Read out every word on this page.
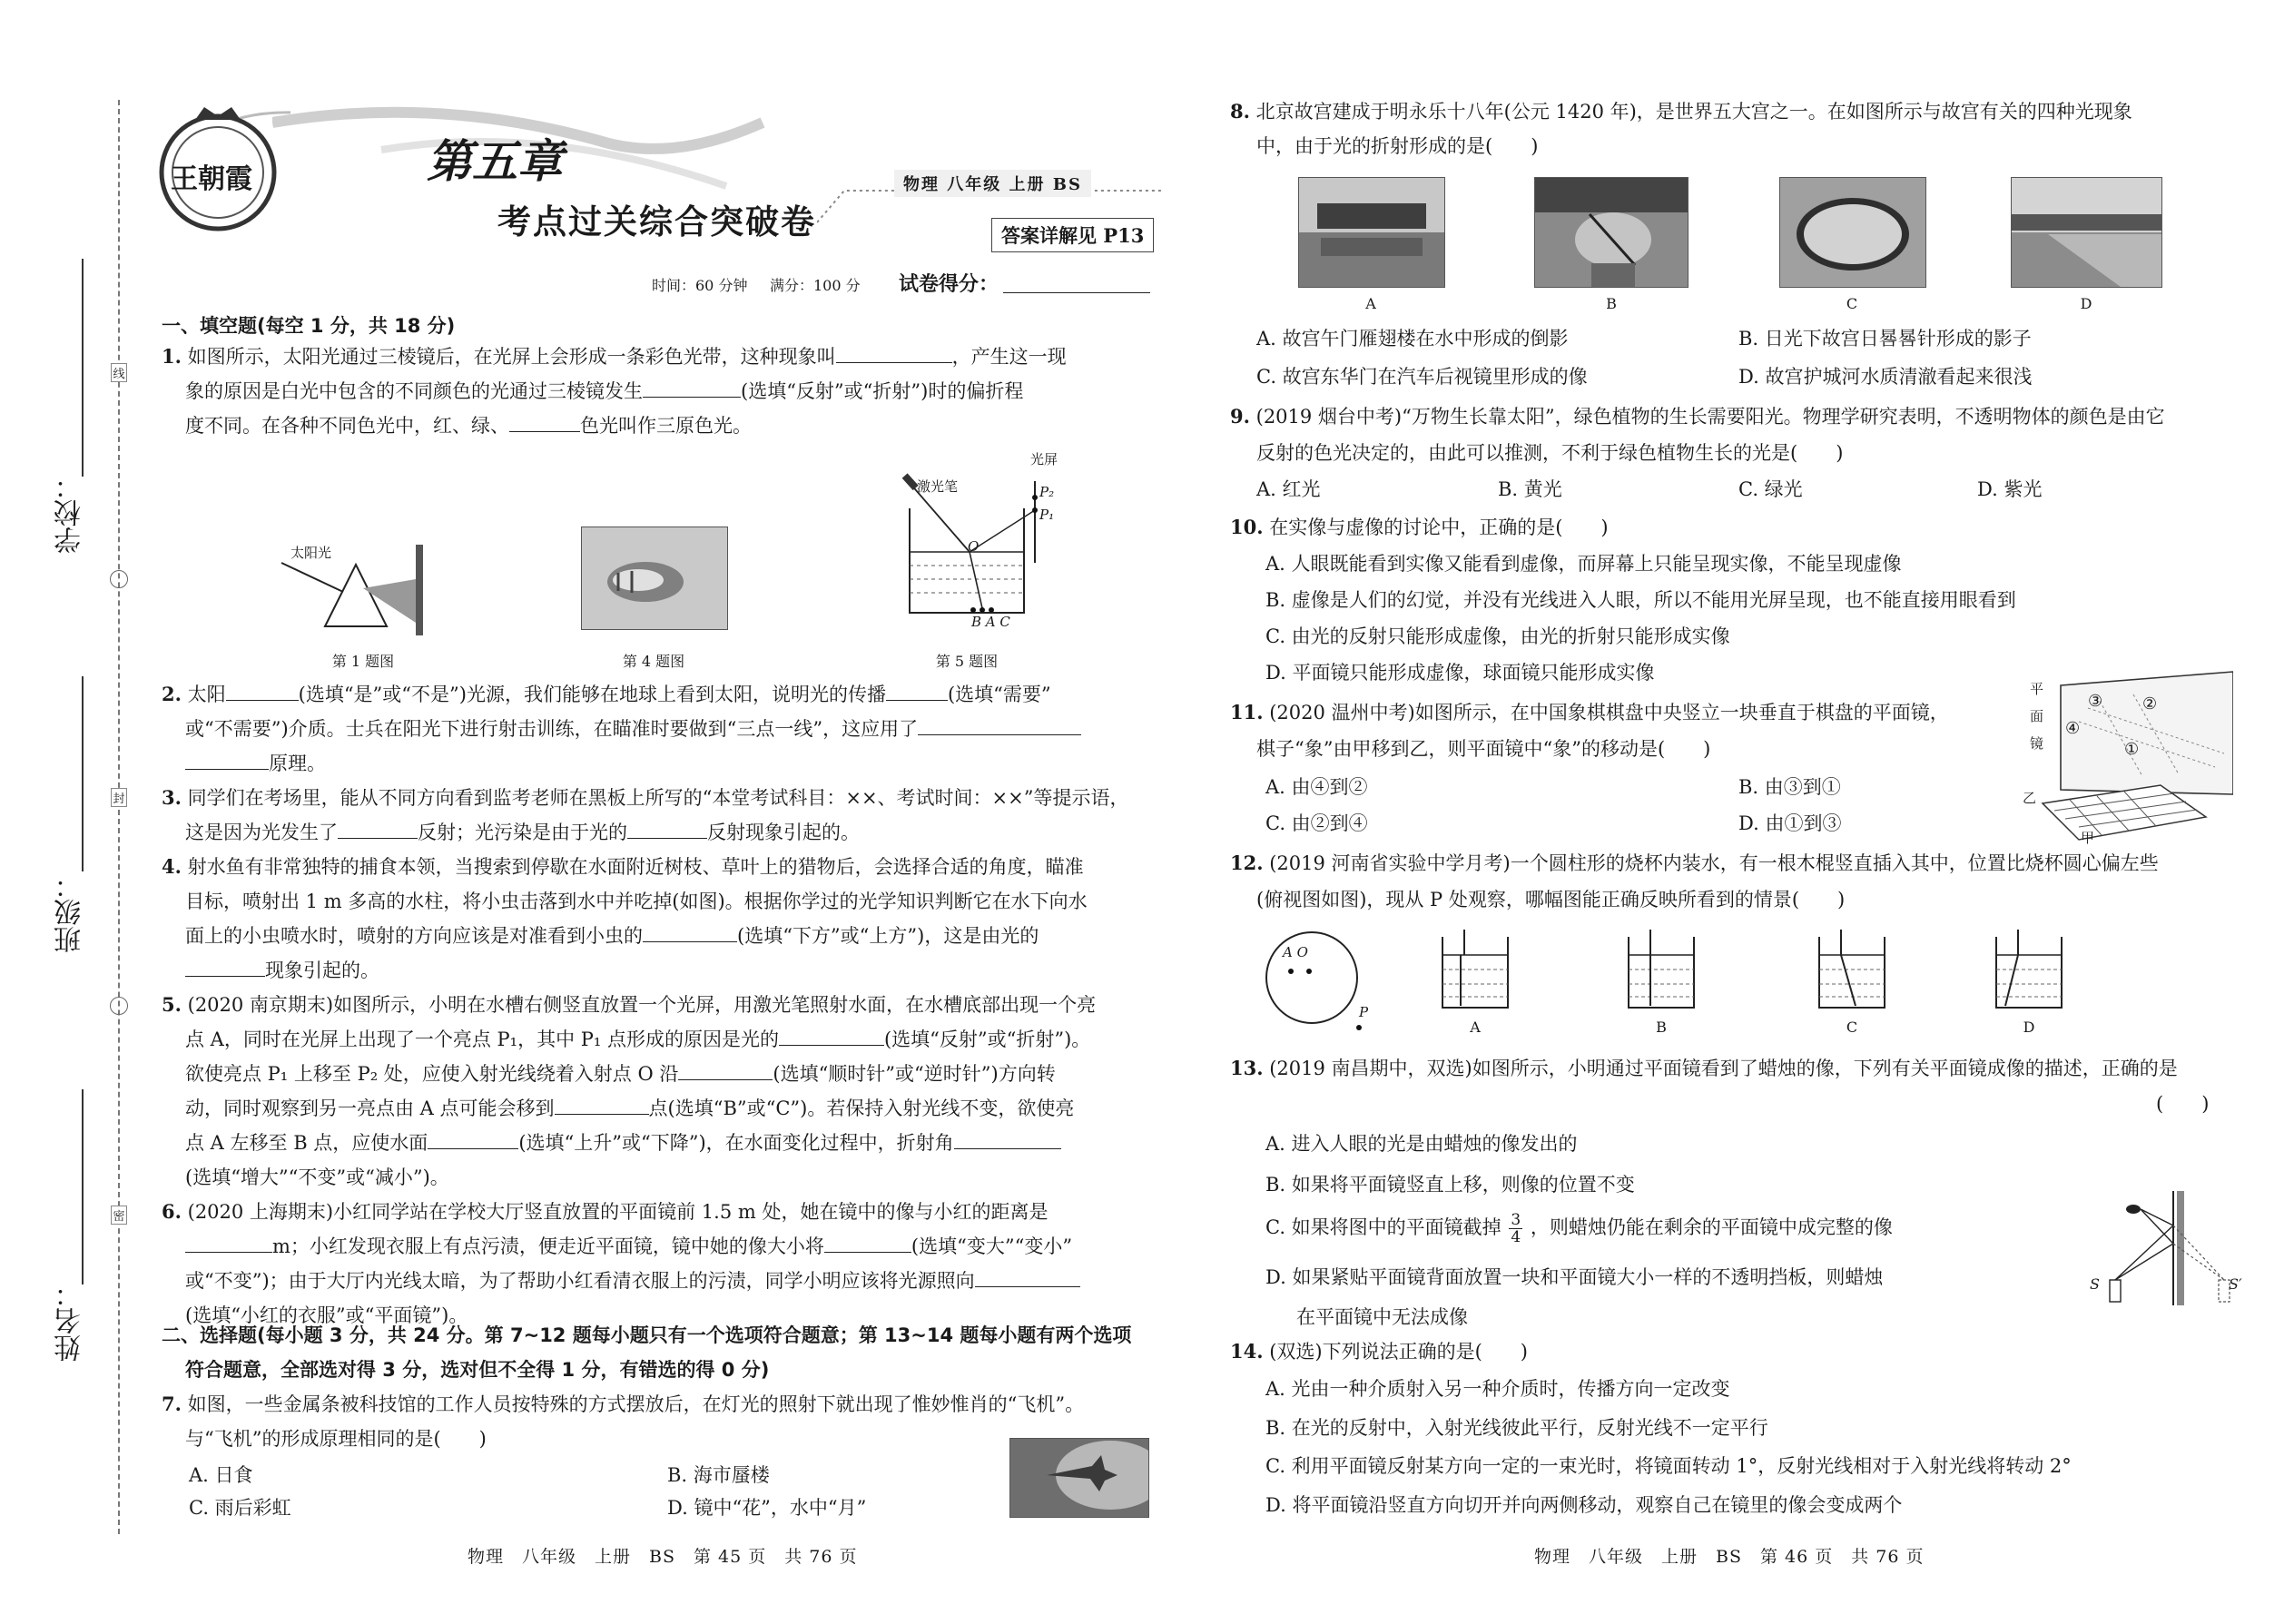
线
封
密
学校：
班级：
姓名：
王朝霞	第五章
考点过关综合突破卷
物理 八年级 上册 BS
答案详解见 P13
时间：60 分钟 满分：100 分 试卷得分：
一、填空题(每空 1 分，共 18 分)
1. 如图所示，太阳光通过三棱镜后，在光屏上会形成一条彩色光带，这种现象叫	，产生这一现
象的原因是白光中包含的不同颜色的光通过三棱镜发生	(选填“反射”或“折射”)时的偏折程
度不同。在各种不同色光中，红、绿、	色光叫作三原色光。
太阳光
第 1 题图	第 4 题图
激光笔
光屏
P₂
P₁
O
B A C
第 5 题图
2. 太阳	(选填“是”或“不是”)光源，我们能够在地球上看到太阳，说明光的传播	(选填“需要”
或“不需要”)介质。士兵在阳光下进行射击训练，在瞄准时要做到“三点一线”，这应用了
原理。
3. 同学们在考场里，能从不同方向看到监考老师在黑板上所写的“本堂考试科目：××、考试时间：××”等提示语，
这是因为光发生了	反射；光污染是由于光的	反射现象引起的。
4. 射水鱼有非常独特的捕食本领，当搜索到停歇在水面附近树枝、草叶上的猎物后，会选择合适的角度，瞄准
目标，喷射出 1 m 多高的水柱，将小虫击落到水中并吃掉(如图)。根据你学过的光学知识判断它在水下向水
面上的小虫喷水时，喷射的方向应该是对准看到小虫的	(选填“下方”或“上方”)，这是由光的
现象引起的。
5. (2020 南京期末)如图所示，小明在水槽右侧竖直放置一个光屏，用激光笔照射水面，在水槽底部出现一个亮
点 A，同时在光屏上出现了一个亮点 P₁，其中 P₁ 点形成的原因是光的	(选填“反射”或“折射”)。
欲使亮点 P₁ 上移至 P₂ 处，应使入射光线绕着入射点 O 沿	(选填“顺时针”或“逆时针”)方向转
动，同时观察到另一亮点由 A 点可能会移到	点(选填“B”或“C”)。若保持入射光线不变，欲使亮
点 A 左移至 B 点，应使水面	(选填“上升”或“下降”)，在水面变化过程中，折射角
(选填“增大”“不变”或“减小”)。
6. (2020 上海期末)小红同学站在学校大厅竖直放置的平面镜前 1.5 m 处，她在镜中的像与小红的距离是
m；小红发现衣服上有点污渍，便走近平面镜，镜中她的像大小将	(选填“变大”“变小”
或“不变”)；由于大厅内光线太暗，为了帮助小红看清衣服上的污渍，同学小明应该将光源照向
(选填“小红的衣服”或“平面镜”)。
二、选择题(每小题 3 分，共 24 分。第 7~12 题每小题只有一个选项符合题意；第 13~14 题每小题有两个选项
符合题意，全部选对得 3 分，选对但不全得 1 分，有错选的得 0 分)
7. 如图，一些金属条被科技馆的工作人员按特殊的方式摆放后，在灯光的照射下就出现了惟妙惟肖的“飞机”。
与“飞机”的形成原理相同的是(　　)
A. 日食	B. 海市蜃楼
C. 雨后彩虹	D. 镜中“花”，水中“月”
物理　八年级　上册　BS　第 45 页　共 76 页
8. 北京故宫建成于明永乐十八年(公元 1420 年)，是世界五大宫之一。在如图所示与故宫有关的四种光现象
中，由于光的折射形成的是(　　)
A	B	C	D
A. 故宫午门雁翅楼在水中形成的倒影	B. 日光下故宫日晷晷针形成的影子
C. 故宫东华门在汽车后视镜里形成的像	D. 故宫护城河水质清澈看起来很浅
9. (2019 烟台中考)“万物生长靠太阳”，绿色植物的生长需要阳光。物理学研究表明，不透明物体的颜色是由它
反射的色光决定的，由此可以推测，不利于绿色植物生长的光是(　　)
A. 红光	B. 黄光	C. 绿光	D. 紫光
10. 在实像与虚像的讨论中，正确的是(　　)
A. 人眼既能看到实像又能看到虚像，而屏幕上只能呈现实像，不能呈现虚像
B. 虚像是人们的幻觉，并没有光线进入人眼，所以不能用光屏呈现，也不能直接用眼看到
C. 由光的反射只能形成虚像，由光的折射只能形成实像
D. 平面镜只能形成虚像，球面镜只能形成实像
11. (2020 温州中考)如图所示，在中国象棋棋盘中央竖立一块垂直于棋盘的平面镜，
棋子“象”由甲移到乙，则平面镜中“象”的移动是(　　)
A. 由④到②	B. 由③到①
C. 由②到④	D. 由①到③
平
面
镜
③ ②
④
①
乙
甲
12. (2019 河南省实验中学月考)一个圆柱形的烧杯内装水，有一根木棍竖直插入其中，位置比烧杯圆心偏左些
(俯视图如图)，现从 P 处观察，哪幅图能正确反映所看到的情景(　　)
A O
P
A	B	C	D
13. (2019 南昌期中，双选)如图所示，小明通过平面镜看到了蜡烛的像，下列有关平面镜成像的描述，正确的是
(　　)
A. 进入人眼的光是由蜡烛的像发出的
B. 如果将平面镜竖直上移，则像的位置不变
C. 如果将图中的平面镜截掉 $\frac{3}{4}$ ，则蜡烛仍能在剩余的平面镜中成完整的像
D. 如果紧贴平面镜背面放置一块和平面镜大小一样的不透明挡板，则蜡烛
在平面镜中无法成像
S	S′
14. (双选)下列说法正确的是(　　)
A. 光由一种介质射入另一种介质时，传播方向一定改变
B. 在光的反射中，入射光线彼此平行，反射光线不一定平行
C. 利用平面镜反射某方向一定的一束光时，将镜面转动 1°，反射光线相对于入射光线将转动 2°
D. 将平面镜沿竖直方向切开并向两侧移动，观察自己在镜里的像会变成两个
物理　八年级　上册　BS　第 46 页　共 76 页
